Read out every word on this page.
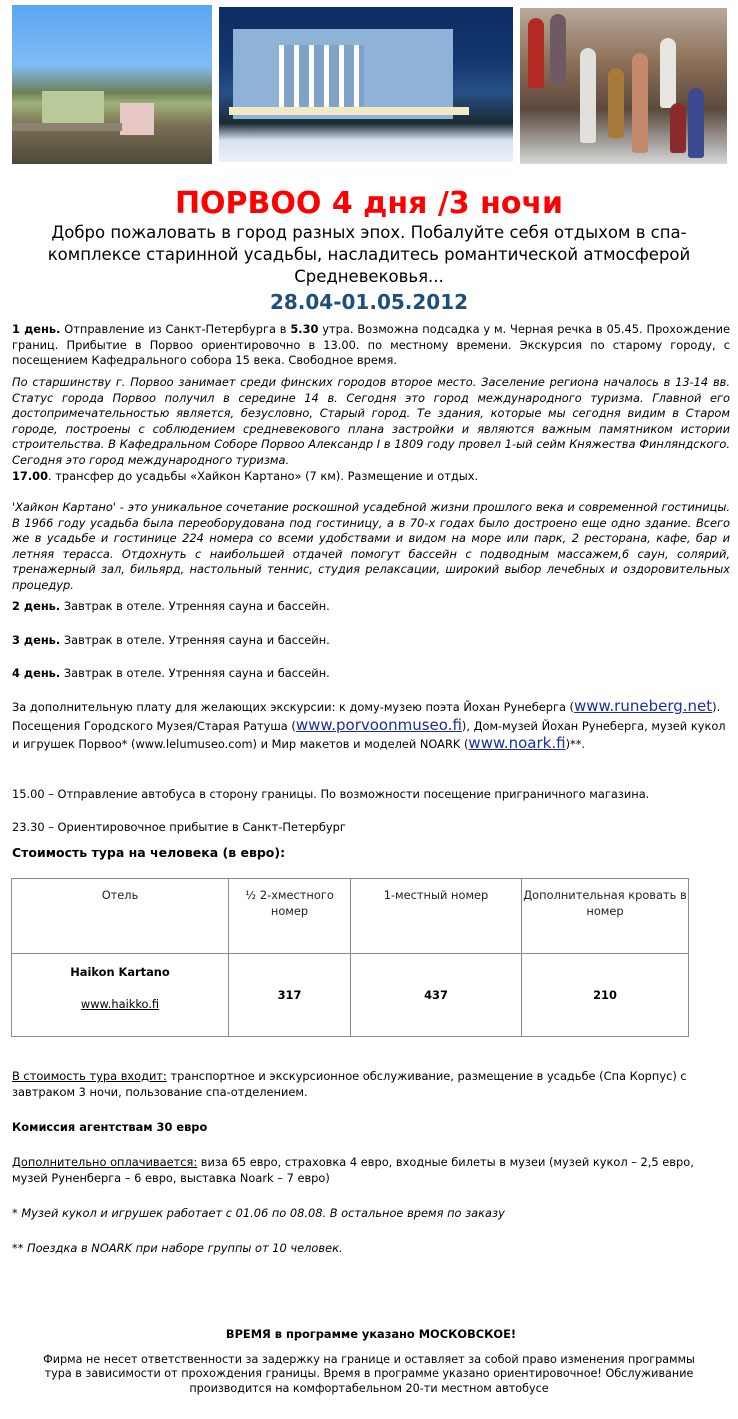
ПОРВОО 4 дня /3 ночи
Добро пожаловать в город разных эпох. Побалуйте себя отдыхом в спа-комплексе старинной усадьбы, насладитесь романтической атмосферой Средневековья...
28.04-01.05.2012
1 день. Отправление из Санкт-Петербурга в 5.30 утра. Возможна подсадка у м. Черная речка в 05.45. Прохождение границ. Прибытие в Порвоо ориентировочно в 13.00. по местному времени. Экскурсия по старому городу, с посещением Кафедрального собора 15 века. Свободное время.
По старшинству г. Порвоо занимает среди финских городов второе место. Заселение региона началось в 13-14 вв. Статус города Порвоо получил в середине 14 в. Сегодня это город международного туризма. Главной его достопримечательностью является, безусловно, Старый город. Те здания, которые мы сегодня видим в Старом городе, построены с соблюдением средневекового плана застройки и являются важным памятником истории строительства. В Кафедральном Соборе Порвоо Александр I в 1809 году провел 1-ый сейм Княжества Финляндского. Сегодня это город международного туризма.
17.00. трансфер до усадьбы «Хайкон Картано» (7 км). Размещение и отдых.
'Хайкон Картано' - это уникальное сочетание роскошной усадебной жизни прошлого века и современной гостиницы. В 1966 году усадьба была переоборудована под гостиницу, а в 70-х годах было достроено еще одно здание. Всего же в усадьбе и гостинице 224 номера со всеми удобствами и видом на море или парк, 2 ресторана, кафе, бар и летняя терасса. Отдохнуть с наибольшей отдачей помогут бассейн с подводным массажем,6 саун, солярий, тренажерный зал, бильярд, настольный теннис, студия релаксации, широкий выбор лечебных и оздоровительных процедур.
2 день. Завтрак в отеле. Утренняя сауна и бассейн.
3 день. Завтрак в отеле. Утренняя сауна и бассейн.
4 день. Завтрак в отеле. Утренняя сауна и бассейн.
За дополнительную плату для желающих экскурсии: к дому-музею поэта Йохан Рунеберга (www.runeberg.net). Посещения Городского Музея/Старая Ратуша (www.porvoonmuseo.fi), Дом-музей Йохан Рунеберга, музей кукол и игрушек Порвоо* (www.lelumuseo.com) и Мир макетов и моделей NOARK (www.noark.fi)**.
15.00 – Отправление автобуса в сторону границы. По возможности посещение приграничного магазина.
23.30 – Ориентировочное прибытие в Санкт-Петербург
Стоимость тура на человека (в евро):
Отель	½ 2-хместного номер	1-местный номер	Дополнительная кровать в номер

Haikon Kartano
www.haikko.fi	317	437	210
В стоимость тура входит: транспортное и экскурсионное обслуживание, размещение в усадьбе (Спа Корпус) с завтраком 3 ночи, пользование спа-отделением.
Комиссия агентствам 30 евро
Дополнительно оплачивается: виза 65 евро, страховка 4 евро, входные билеты в музеи (музей кукол – 2,5 евро, музей Руненберга – 6 евро, выставка Noark – 7 евро)
* Музей кукол и игрушек работает с 01.06 по 08.08. В остальное время по заказу
** Поездка в NOARK при наборе группы от 10 человек.
ВРЕМЯ в программе указано МОСКОВСКОЕ!
Фирма не несет ответственности за задержку на границе и оставляет за собой право изменения программы тура в зависимости от прохождения границы. Время в программе указано ориентировочное! Обслуживание производится на комфортабельном 20-ти местном автобусе
